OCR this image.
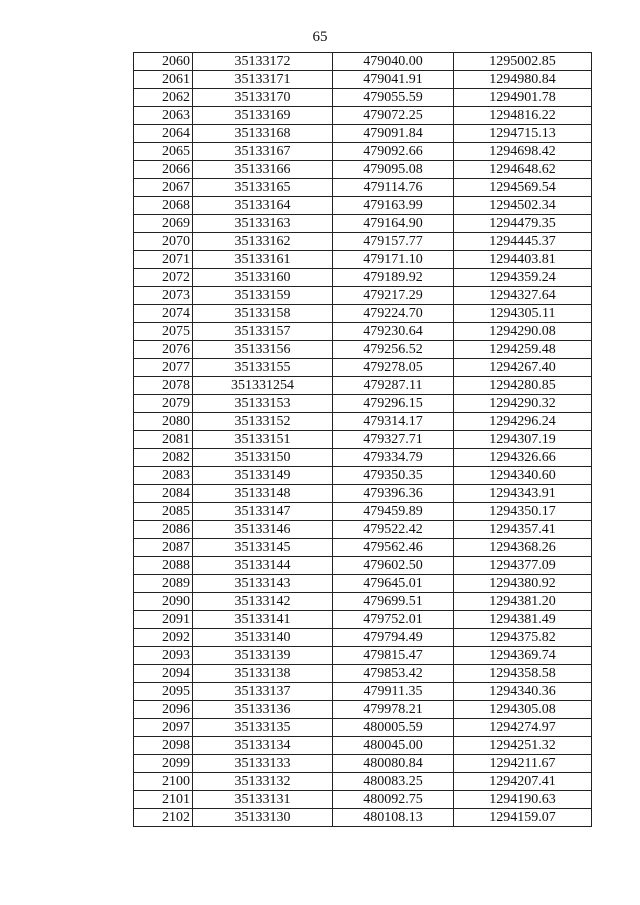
65
2060	35133172	479040.00	1295002.85
2061	35133171	479041.91	1294980.84
2062	35133170	479055.59	1294901.78
2063	35133169	479072.25	1294816.22
2064	35133168	479091.84	1294715.13
2065	35133167	479092.66	1294698.42
2066	35133166	479095.08	1294648.62
2067	35133165	479114.76	1294569.54
2068	35133164	479163.99	1294502.34
2069	35133163	479164.90	1294479.35
2070	35133162	479157.77	1294445.37
2071	35133161	479171.10	1294403.81
2072	35133160	479189.92	1294359.24
2073	35133159	479217.29	1294327.64
2074	35133158	479224.70	1294305.11
2075	35133157	479230.64	1294290.08
2076	35133156	479256.52	1294259.48
2077	35133155	479278.05	1294267.40
2078	351331254	479287.11	1294280.85
2079	35133153	479296.15	1294290.32
2080	35133152	479314.17	1294296.24
2081	35133151	479327.71	1294307.19
2082	35133150	479334.79	1294326.66
2083	35133149	479350.35	1294340.60
2084	35133148	479396.36	1294343.91
2085	35133147	479459.89	1294350.17
2086	35133146	479522.42	1294357.41
2087	35133145	479562.46	1294368.26
2088	35133144	479602.50	1294377.09
2089	35133143	479645.01	1294380.92
2090	35133142	479699.51	1294381.20
2091	35133141	479752.01	1294381.49
2092	35133140	479794.49	1294375.82
2093	35133139	479815.47	1294369.74
2094	35133138	479853.42	1294358.58
2095	35133137	479911.35	1294340.36
2096	35133136	479978.21	1294305.08
2097	35133135	480005.59	1294274.97
2098	35133134	480045.00	1294251.32
2099	35133133	480080.84	1294211.67
2100	35133132	480083.25	1294207.41
2101	35133131	480092.75	1294190.63
2102	35133130	480108.13	1294159.07
